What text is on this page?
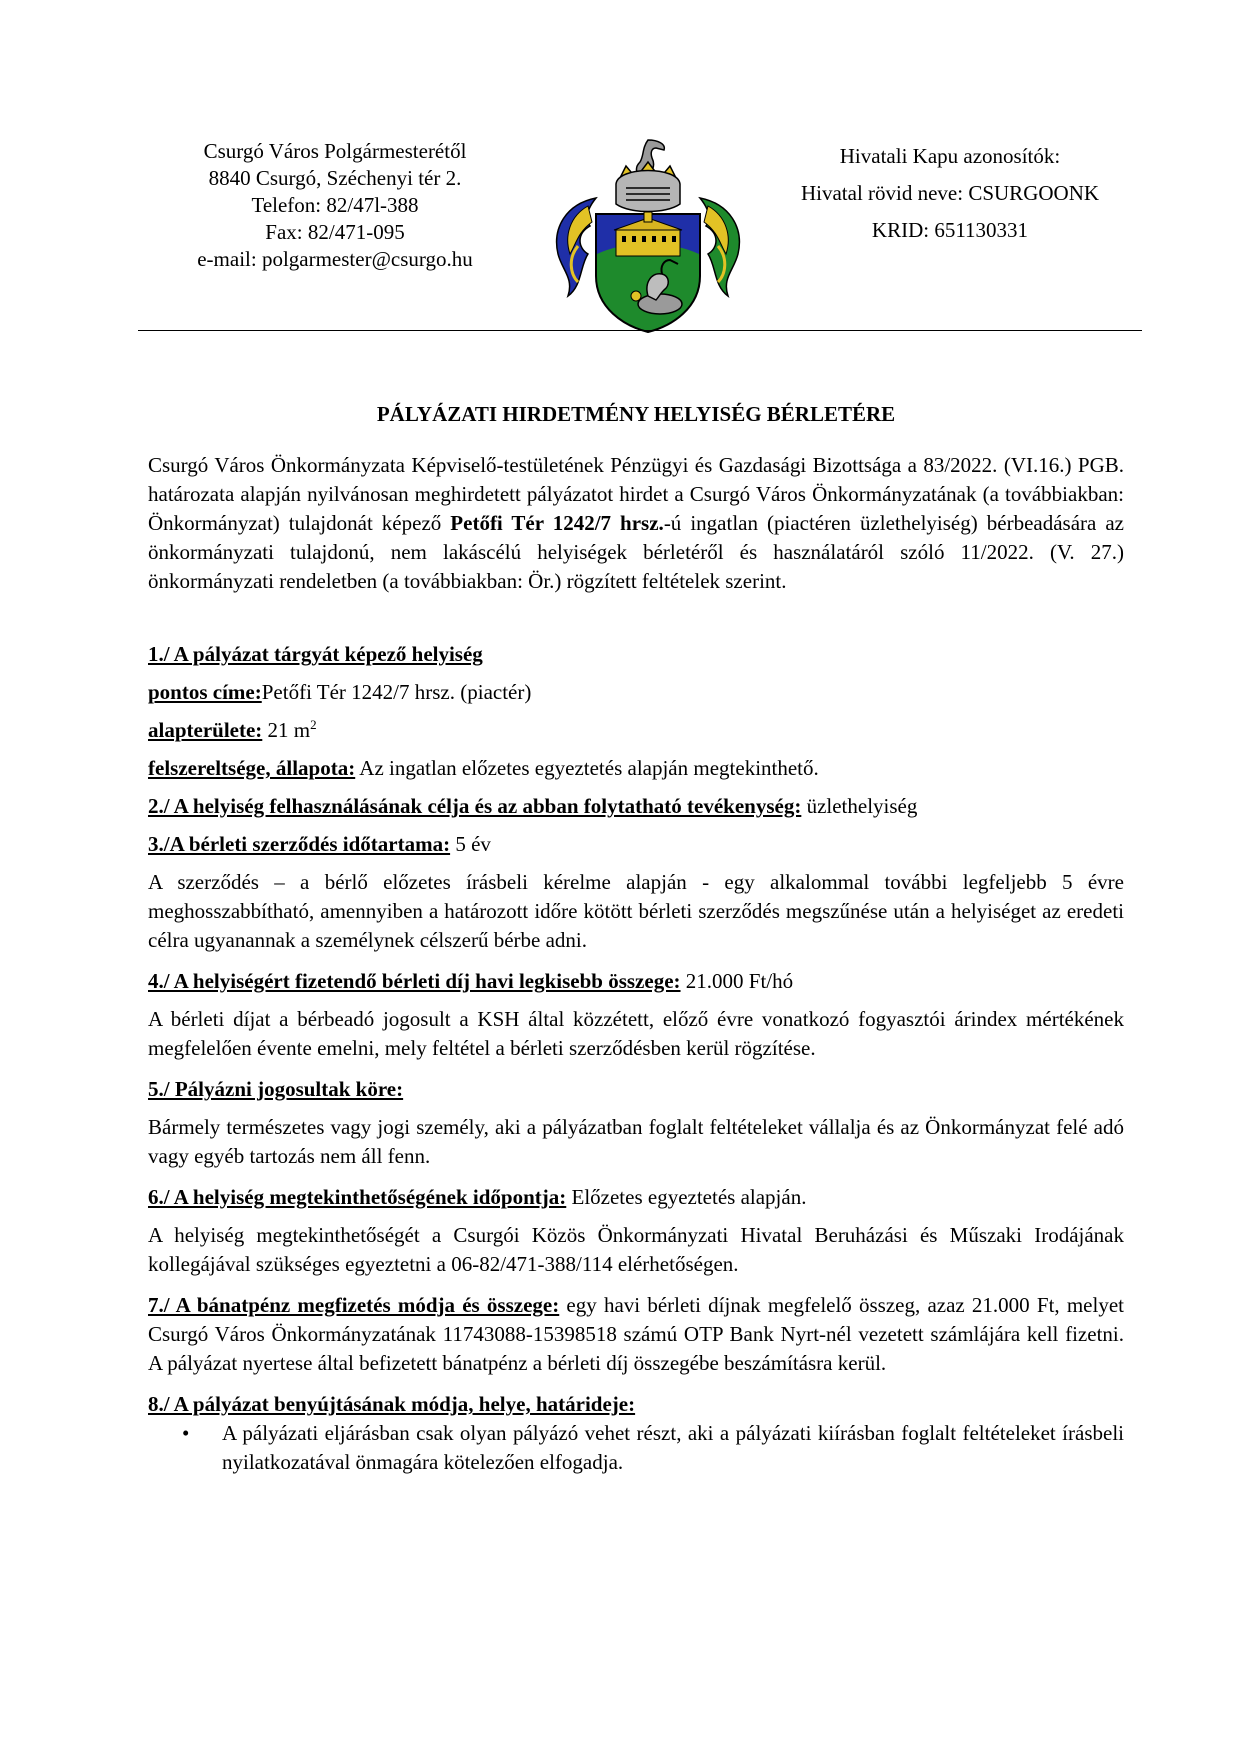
Csurgó Város Polgármesterétől
8840 Csurgó, Széchenyi tér 2.
Telefon: 82/47l-388
Fax: 82/471-095
e-mail: polgarmester@csurgo.hu
Hivatali Kapu azonosítók:
Hivatal rövid neve: CSURGOONK
KRID: 651130331
PÁLYÁZATI HIRDETMÉNY HELYISÉG BÉRLETÉRE

Csurgó Város Önkormányzata Képviselő-testületének Pénzügyi és Gazdasági Bizottsága a 83/2022. (VI.16.) PGB. határozata alapján nyilvánosan meghirdetett pályázatot hirdet a Csurgó Város Önkormányzatának (a továbbiakban: Önkormányzat) tulajdonát képező Petőfi Tér 1242/7 hrsz.-ú ingatlan (piactéren üzlethelyiség) bérbeadására az önkormányzati tulajdonú, nem lakáscélú helyiségek bérletéről és használatáról szóló 11/2022. (V. 27.) önkormányzati rendeletben (a továbbiakban: Ör.) rögzített feltételek szerint.

1./ A pályázat tárgyát képező helyiség

pontos címe:Petőfi Tér 1242/7 hrsz. (piactér)

alapterülete: 21 $m^2$

felszereltsége, állapota: Az ingatlan előzetes egyeztetés alapján megtekinthető.

2./ A helyiség felhasználásának célja és az abban folytatható tevékenység: üzlethelyiség

3./A bérleti szerződés időtartama: 5 év

A szerződés – a bérlő előzetes írásbeli kérelme alapján - egy alkalommal további legfeljebb 5 évre meghosszabbítható, amennyiben a határozott időre kötött bérleti szerződés megszűnése után a helyiséget az eredeti célra ugyanannak a személynek célszerű bérbe adni.

4./ A helyiségért fizetendő bérleti díj havi legkisebb összege: 21.000 Ft/hó

A bérleti díjat a bérbeadó jogosult a KSH által közzétett, előző évre vonatkozó fogyasztói árindex mértékének megfelelően évente emelni, mely feltétel a bérleti szerződésben kerül rögzítése.

5./ Pályázni jogosultak köre:

Bármely természetes vagy jogi személy, aki a pályázatban foglalt feltételeket vállalja és az Önkormányzat felé adó vagy egyéb tartozás nem áll fenn.

6./ A helyiség megtekinthetőségének időpontja: Előzetes egyeztetés alapján.

A helyiség megtekinthetőségét a Csurgói Közös Önkormányzati Hivatal Beruházási és Műszaki Irodájának kollegájával szükséges egyeztetni a 06-82/471-388/114 elérhetőségen.

7./ A bánatpénz megfizetés módja és összege: egy havi bérleti díjnak megfelelő összeg, azaz 21.000 Ft, melyet Csurgó Város Önkormányzatának 11743088-15398518 számú OTP Bank Nyrt-nél vezetett számlájára kell fizetni. A pályázat nyertese által befizetett bánatpénz a bérleti díj összegébe beszámításra kerül.

8./ A pályázat benyújtásának módja, helye, határideje:

• A pályázati eljárásban csak olyan pályázó vehet részt, aki a pályázati kiírásban foglalt feltételeket írásbeli nyilatkozatával önmagára kötelezően elfogadja.
